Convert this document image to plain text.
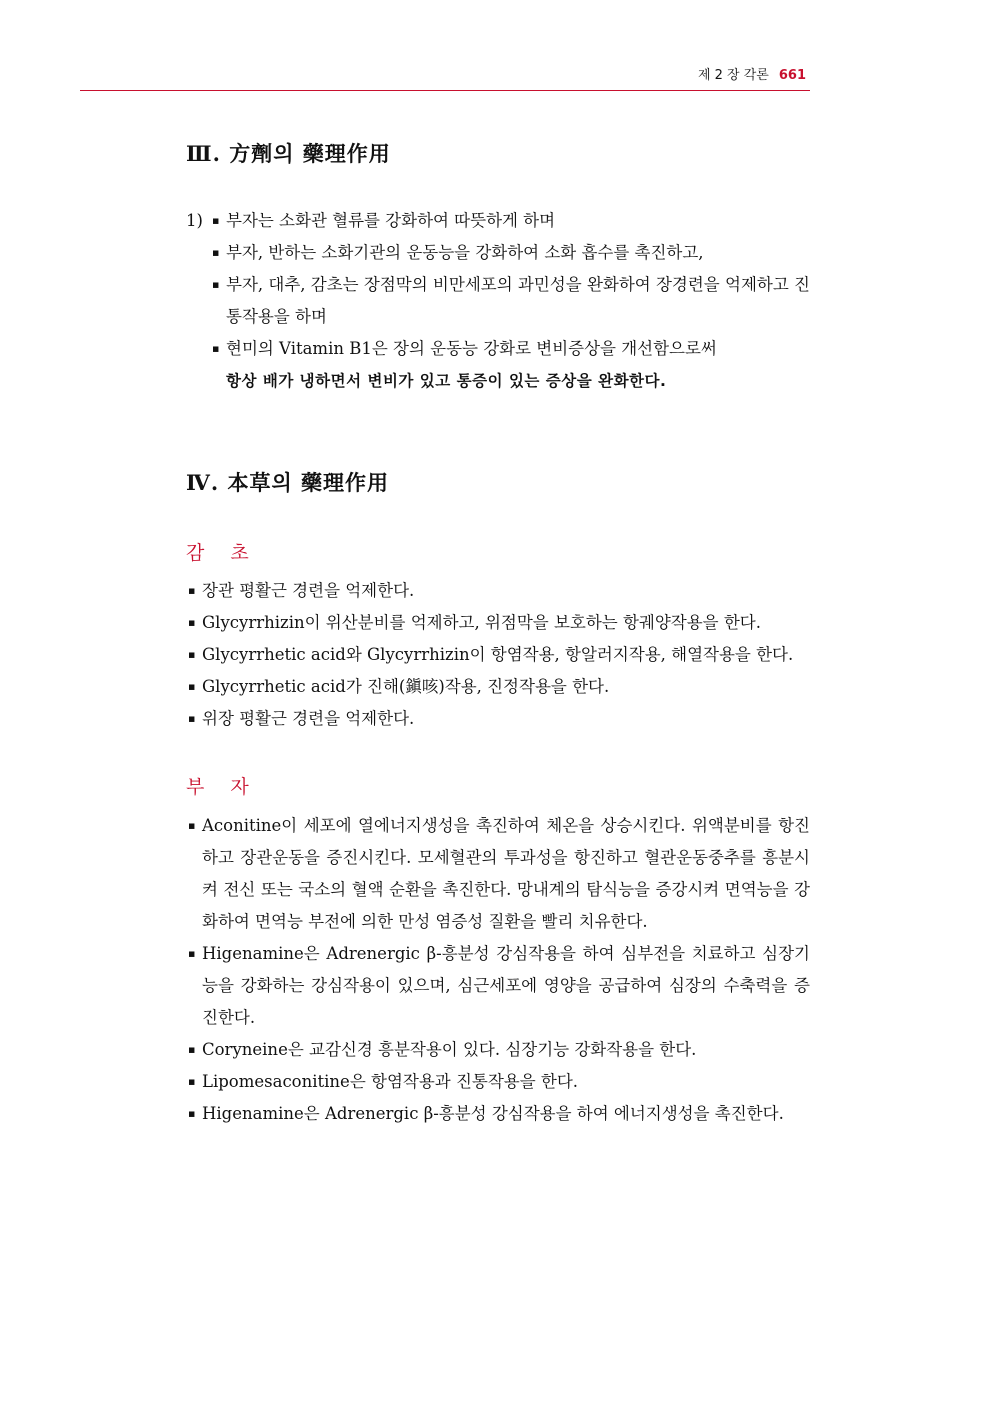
제 2 장 각론 661
Ⅲ. 方劑의 藥理作用
1)
▪	부자는 소화관 혈류를 강화하여 따뜻하게 하며
▪ 부자, 반하는 소화기관의 운동능을 강화하여 소화 흡수를 촉진하고,
▪ 부자, 대추, 감초는 장점막의 비만세포의 과민성을 완화하여 장경련을 억제하고 진통작용을 하며
▪ 현미의 Vitamin B1은 장의 운동능 강화로 변비증상을 개선함으로써
항상 배가 냉하면서 변비가 있고 통증이 있는 증상을 완화한다.
Ⅳ. 本草의 藥理作用
감 초
▪ 장관 평활근 경련을 억제한다.
▪ Glycyrrhizin이 위산분비를 억제하고, 위점막을 보호하는 항궤양작용을 한다.
▪ Glycyrrhetic acid와 Glycyrrhizin이 항염작용, 항알러지작용, 해열작용을 한다.
▪ Glycyrrhetic acid가 진해(鎭咳)작용, 진정작용을 한다.
▪ 위장 평활근 경련을 억제한다.
부 자
▪ Aconitine이 세포에 열에너지생성을 촉진하여 체온을 상승시킨다. 위액분비를 항진하고 장관운동을 증진시킨다. 모세혈관의 투과성을 항진하고 혈관운동중추를 흥분시켜 전신 또는 국소의 혈액 순환을 촉진한다. 망내계의 탐식능을 증강시켜 면역능을 강화하여 면역능 부전에 의한 만성 염증성 질환을 빨리 치유한다.
▪ Higenamine은 Adrenergic β-흥분성 강심작용을 하여 심부전을 치료하고 심장기능을 강화하는 강심작용이 있으며, 심근세포에 영양을 공급하여 심장의 수축력을 증진한다.
▪ Coryneine은 교감신경 흥분작용이 있다. 심장기능 강화작용을 한다.
▪ Lipomesaconitine은 항염작용과 진통작용을 한다.
▪ Higenamine은 Adrenergic β-흥분성 강심작용을 하여 에너지생성을 촉진한다.
